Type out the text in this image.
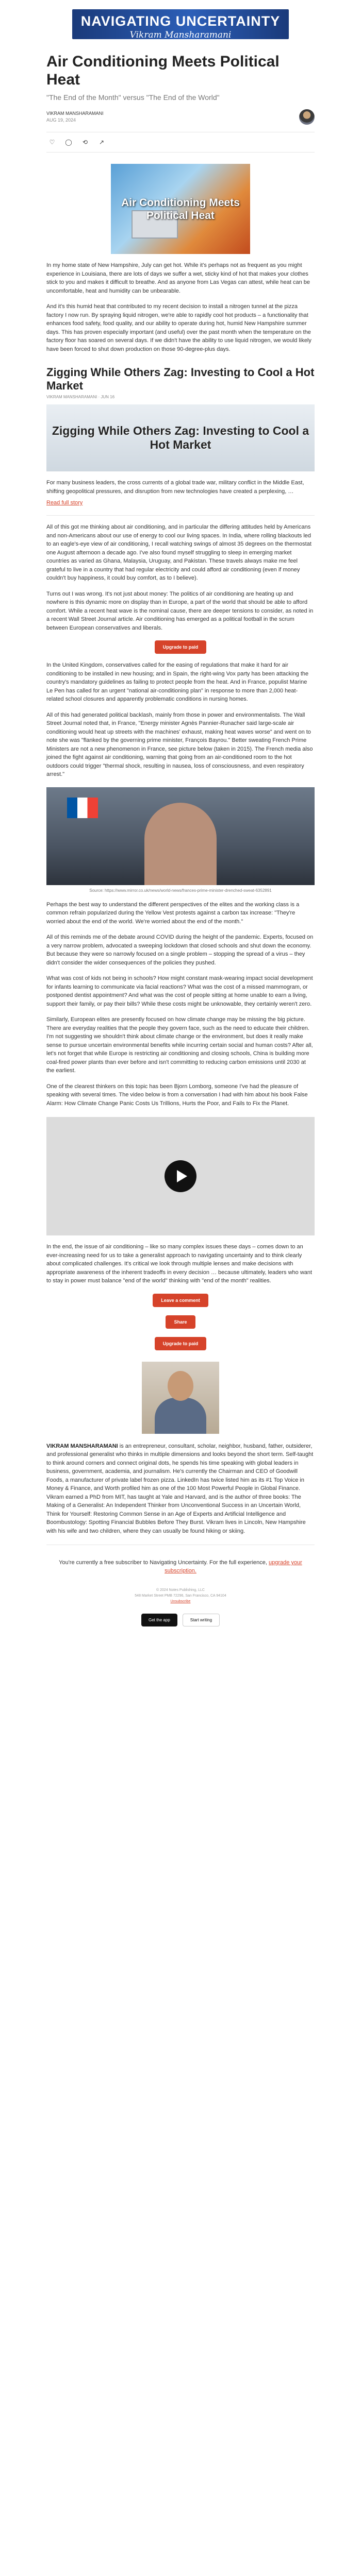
NAVIGATING UNCERTAINTY
Vikram Mansharamani
Air Conditioning Meets Political Heat
"The End of the Month" versus "The End of the World"
VIKRAM MANSHARAMANI
AUG 19, 2024
♡	◯	⟲	↗
Air Conditioning Meets Political Heat

In my home state of New Hampshire, July can get hot. While it's perhaps not as frequent as you might experience in Louisiana, there are lots of days we suffer a wet, sticky kind of hot that makes your clothes stick to you and makes it difficult to breathe. And as anyone from Las Vegas can attest, while heat can be uncomfortable, heat and humidity can be unbearable.

And it's this humid heat that contributed to my recent decision to install a nitrogen tunnel at the pizza factory I now run. By spraying liquid nitrogen, we're able to rapidly cool hot products – a functionality that enhances food safety, food quality, and our ability to operate during hot, humid New Hampshire summer days. This has proven especially important (and useful) over the past month when the temperature on the factory floor has soared on several days. If we didn't have the ability to use liquid nitrogen, we would likely have been forced to shut down production on those 90-degree-plus days.

Zigging While Others Zag: Investing to Cool a Hot Market
VIKRAM MANSHARAMANI · JUN 16
Zigging While Others Zag: Investing to Cool a Hot Market

For many business leaders, the cross currents of a global trade war, military conflict in the Middle East, shifting geopolitical pressures, and disruption from new technologies have created a perplexing, …

Read full story

All of this got me thinking about air conditioning, and in particular the differing attitudes held by Americans and non-Americans about our use of energy to cool our living spaces. In India, where rolling blackouts led to an eagle's-eye view of air conditioning, I recall watching swings of almost 35 degrees on the thermostat one August afternoon a decade ago. I've also found myself struggling to sleep in emerging market countries as varied as Ghana, Malaysia, Uruguay, and Pakistan. These travels always make me feel grateful to live in a country that had regular electricity and could afford air conditioning (even if money couldn't buy happiness, it could buy comfort, as to I believe).

Turns out I was wrong. It's not just about money: The politics of air conditioning are heating up and nowhere is this dynamic more on display than in Europe, a part of the world that should be able to afford comfort. While a recent heat wave is the nominal cause, there are deeper tensions to consider, as noted in a recent Wall Street Journal article. Air conditioning has emerged as a political football in the scrum between European conservatives and liberals.

Upgrade to paid

In the United Kingdom, conservatives called for the easing of regulations that make it hard for air conditioning to be installed in new housing; and in Spain, the right-wing Vox party has been attacking the country's mandatory guidelines as failing to protect people from the heat. And in France, populist Marine Le Pen has called for an urgent "national air-conditioning plan" in response to more than 2,000 heat-related school closures and apparently problematic conditions in nursing homes.

All of this had generated political backlash, mainly from those in power and environmentalists. The Wall Street Journal noted that, in France, "Energy minister Agnès Pannier-Runacher said large-scale air conditioning would heat up streets with the machines' exhaust, making heat waves worse" and went on to note she was "flanked by the governing prime minister, François Bayrou." Better sweating French Prime Ministers are not a new phenomenon in France, see picture below (taken in 2015). The French media also joined the fight against air conditioning, warning that going from an air-conditioned room to the hot outdoors could trigger "thermal shock, resulting in nausea, loss of consciousness, and even respiratory arrest."

Source: https://www.mirror.co.uk/news/world-news/frances-prime-minister-drenched-sweat-6352891

Perhaps the best way to understand the different perspectives of the elites and the working class is a common refrain popularized during the Yellow Vest protests against a carbon tax increase: "They're worried about the end of the world. We're worried about the end of the month."

All of this reminds me of the debate around COVID during the height of the pandemic. Experts, focused on a very narrow problem, advocated a sweeping lockdown that closed schools and shut down the economy. But because they were so narrowly focused on a single problem – stopping the spread of a virus – they didn't consider the wider consequences of the policies they pushed.

What was cost of kids not being in schools? How might constant mask-wearing impact social development for infants learning to communicate via facial reactions? What was the cost of a missed mammogram, or postponed dentist appointment? And what was the cost of people sitting at home unable to earn a living, support their family, or pay their bills? While these costs might be unknowable, they certainly weren't zero.

Similarly, European elites are presently focused on how climate change may be missing the big picture. There are everyday realities that the people they govern face, such as the need to educate their children. I'm not suggesting we shouldn't think about climate change or the environment, but does it really make sense to pursue uncertain environmental benefits while incurring certain social and human costs? After all, let's not forget that while Europe is restricting air conditioning and closing schools, China is building more coal-fired power plants than ever before and isn't committing to reducing carbon emissions until 2030 at the earliest.

One of the clearest thinkers on this topic has been Bjorn Lomborg, someone I've had the pleasure of speaking with several times. The video below is from a conversation I had with him about his book False Alarm: How Climate Change Panic Costs Us Trillions, Hurts the Poor, and Fails to Fix the Planet.

In the end, the issue of air conditioning – like so many complex issues these days – comes down to an ever-increasing need for us to take a generalist approach to navigating uncertainty and to think clearly about complicated challenges. It's critical we look through multiple lenses and make decisions with appropriate awareness of the inherent tradeoffs in every decision … because ultimately, leaders who want to stay in power must balance "end of the world" thinking with "end of the month" realities.

Leave a comment
Share
Upgrade to paid

VIKRAM MANSHARAMANI is an entrepreneur, consultant, scholar, neighbor, husband, father, outsiderer, and professional generalist who thinks in multiple dimensions and looks beyond the short term. Self-taught to think around corners and connect original dots, he spends his time speaking with global leaders in business, government, academia, and journalism. He's currently the Chairman and CEO of Goodwill Foods, a manufacturer of private label frozen pizza. LinkedIn has twice listed him as its #1 Top Voice in Money & Finance, and Worth profiled him as one of the 100 Most Powerful People in Global Finance. Vikram earned a PhD from MIT, has taught at Yale and Harvard, and is the author of three books: The Making of a Generalist: An Independent Thinker from Unconventional Success in an Uncertain World, Think for Yourself: Restoring Common Sense in an Age of Experts and Artificial Intelligence and Boombustology: Spotting Financial Bubbles Before They Burst. Vikram lives in Lincoln, New Hampshire with his wife and two children, where they can usually be found hiking or skiing.

You're currently a free subscriber to Navigating Uncertainty. For the full experience, upgrade your subscription.
© 2024 Notes Publishing, LLC
548 Market Street PMB 72296, San Francisco, CA 94104
Unsubscribe
Get the app	Start writing
